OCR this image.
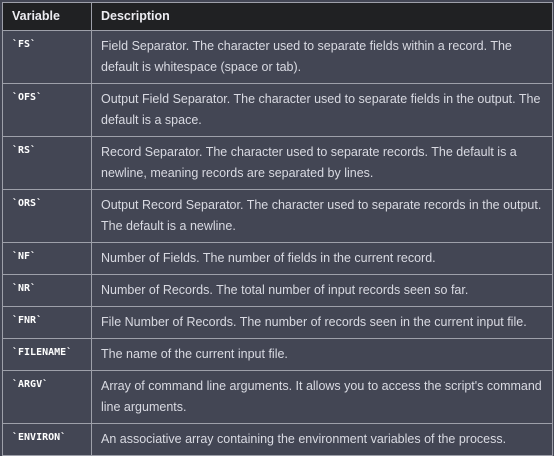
Variable	Description
`FS`	Field Separator. The character used to separate fields within a record. The default is whitespace (space or tab).
`OFS`	Output Field Separator. The character used to separate fields in the output. The default is a space.
`RS`	Record Separator. The character used to separate records. The default is a newline, meaning records are separated by lines.
`ORS`	Output Record Separator. The character used to separate records in the output. The default is a newline.
`NF`	Number of Fields. The number of fields in the current record.
`NR`	Number of Records. The total number of input records seen so far.
`FNR`	File Number of Records. The number of records seen in the current input file.
`FILENAME`	The name of the current input file.
`ARGV`	Array of command line arguments. It allows you to access the script's command line arguments.
`ENVIRON`	An associative array containing the environment variables of the process.
